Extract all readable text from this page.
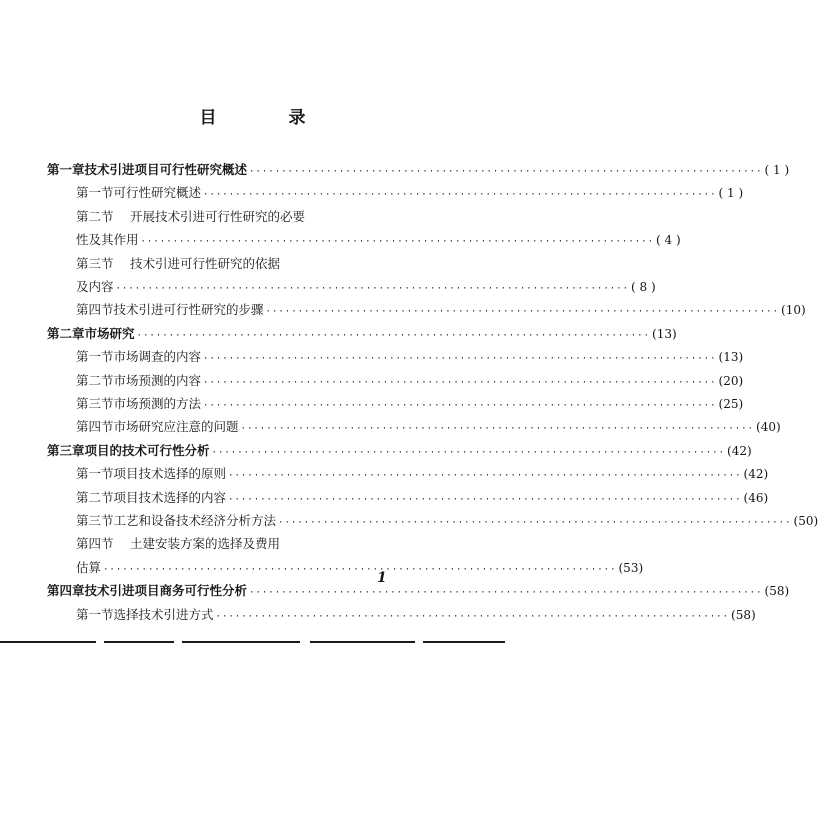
目 录
第一章 技术引进项目可行性研究概述 ················································································ ( 1 )
第一节 可行性研究概述 ················································································ ( 1 )
第二节	开展技术引进可行性研究的必要
性及其作用 ················································································ ( 4 )
第三节	技术引进可行性研究的依据
及内容 ················································································ ( 8 )
第四节 技术引进可行性研究的步骤 ················································································ (10)
第二章 市场研究 ················································································ (13)
第一节 市场调查的内容 ················································································ (13)
第二节 市场预测的内容 ················································································ (20)
第三节 市场预测的方法 ················································································ (25)
第四节 市场研究应注意的问题 ················································································ (40)
第三章 项目的技术可行性分析 ················································································ (42)
第一节 项目技术选择的原则 ················································································ (42)
第二节 项目技术选择的内容 ················································································ (46)
第三节 工艺和设备技术经济分析方法 ················································································ (50)
第四节	土建安装方案的选择及费用
估算 ················································································ (53)
第四章 技术引进项目商务可行性分析 ················································································ (58)
第一节 选择技术引进方式 ················································································ (58)
1
